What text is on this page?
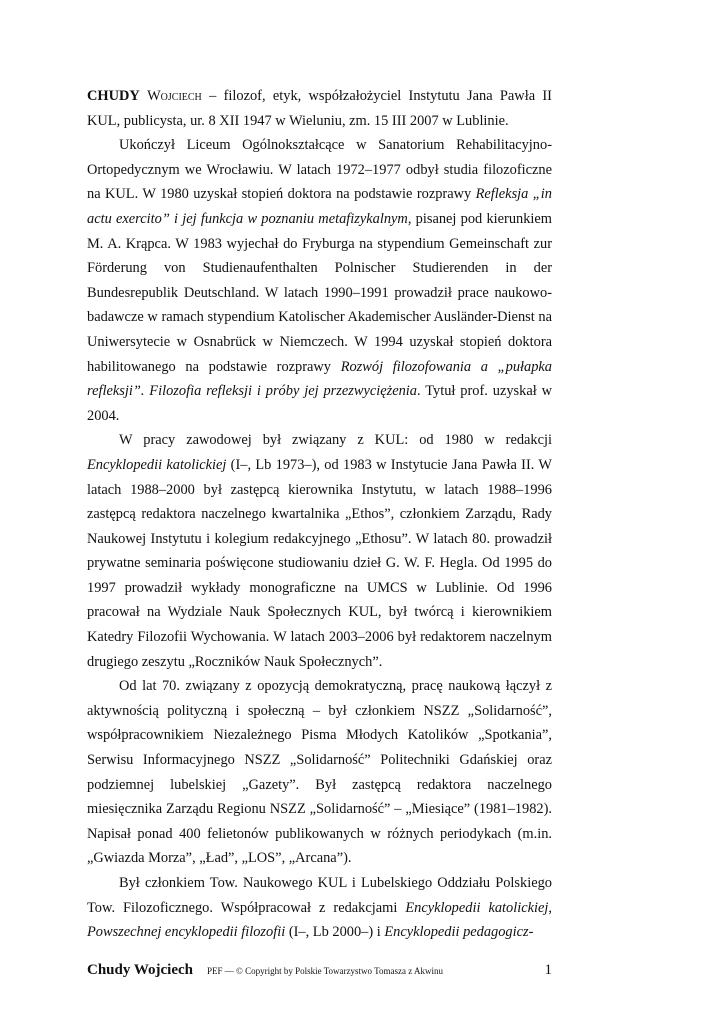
CHUDY Wojciech – filozof, etyk, współzałożyciel Instytutu Jana Pawła II KUL, publicysta, ur. 8 XII 1947 w Wieluniu, zm. 15 III 2007 w Lublinie.

Ukończył Liceum Ogólnokształcące w Sanatorium Rehabilitacyjno-Ortopedycznym we Wrocławiu. W latach 1972–1977 odbył studia filozoficzne na KUL. W 1980 uzyskał stopień doktora na podstawie rozprawy Refleksja „in actu exercito” i jej funkcja w poznaniu metafizykalnym, pisanej pod kierunkiem M. A. Krąpca. W 1983 wyjechał do Fryburga na stypendium Gemeinschaft zur Förderung von Studienaufenthalten Polnischer Studierenden in der Bundesrepublik Deutschland. W latach 1990–1991 prowadził prace naukowo-badawcze w ramach stypendium Katolischer Akademischer Ausländer-Dienst na Uniwersytecie w Osnabrück w Niemczech. W 1994 uzyskał stopień doktora habilitowanego na podstawie rozprawy Rozwój filozofowania a „pułapka refleksji”. Filozofia refleksji i próby jej przezwyciężenia. Tytuł prof. uzyskał w 2004.

W pracy zawodowej był związany z KUL: od 1980 w redakcji Encyklopedii katolickiej (I–, Lb 1973–), od 1983 w Instytucie Jana Pawła II. W latach 1988–2000 był zastępcą kierownika Instytutu, w latach 1988–1996 zastępcą redaktora naczelnego kwartalnika „Ethos”, członkiem Zarządu, Rady Naukowej Instytutu i kolegium redakcyjnego „Ethosu”. W latach 80. prowadził prywatne seminaria poświęcone studiowaniu dzieł G. W. F. Hegla. Od 1995 do 1997 prowadził wykłady monograficzne na UMCS w Lublinie. Od 1996 pracował na Wydziale Nauk Społecznych KUL, był twórcą i kierownikiem Katedry Filozofii Wychowania. W latach 2003–2006 był redaktorem naczelnym drugiego zeszytu „Roczników Nauk Społecznych”.

Od lat 70. związany z opozycją demokratyczną, pracę naukową łączył z aktywnością polityczną i społeczną – był członkiem NSZZ „Solidarność”, współpracownikiem Niezależnego Pisma Młodych Katolików „Spotkania”, Serwisu Informacyjnego NSZZ „Solidarność” Politechniki Gdańskiej oraz podziemnej lubelskiej „Gazety”. Był zastępcą redaktora naczelnego miesięcznika Zarządu Regionu NSZZ „Solidarność” – „Miesiące” (1981–1982). Napisał ponad 400 felietonów publikowanych w różnych periodykach (m.in. „Gwiazda Morza”, „Ład”, „LOS”, „Arcana”).

Był członkiem Tow. Naukowego KUL i Lubelskiego Oddziału Polskiego Tow. Filozoficznego. Współpracował z redakcjami Encyklopedii katolickiej, Powszechnej encyklopedii filozofii (I–, Lb 2000–) i Encyklopedii pedagogicz-

Chudy Wojciech PEF — © Copyright by Polskie Towarzystwo Tomasza z Akwinu	1
